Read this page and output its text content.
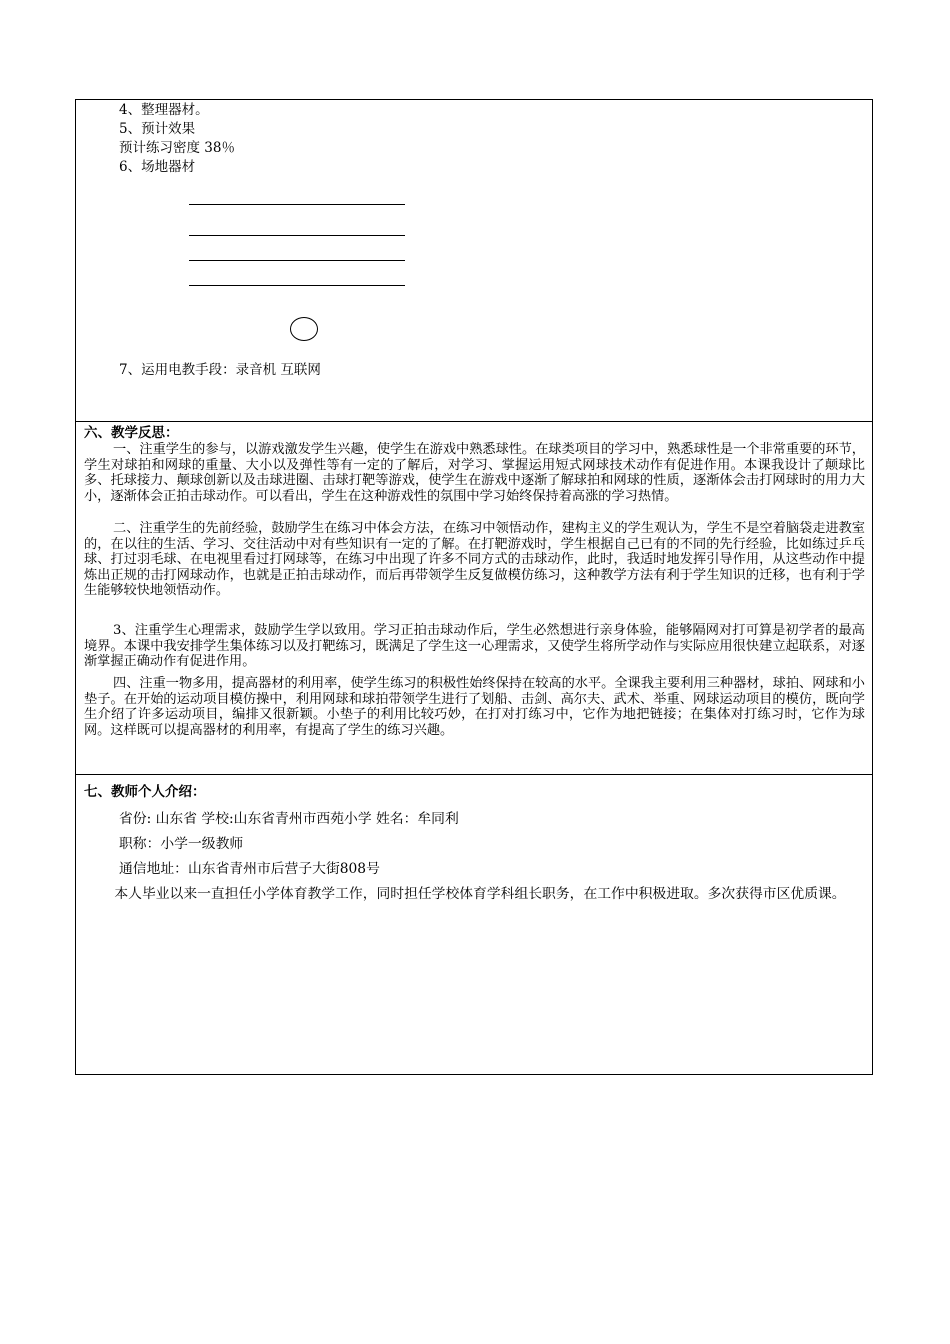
4、整理器材。
5、预计效果
预计练习密度 38％
6、场地器材
7、运用电教手段：录音机 互联网
六、教学反思：
一、注重学生的参与，以游戏激发学生兴趣，使学生在游戏中熟悉球性。在球类项目的学习中，熟悉球性是一个非常重要的环节，学生对球拍和网球的重量、大小以及弹性等有一定的了解后，对学习、掌握运用短式网球技术动作有促进作用。本课我设计了颠球比多、托球接力、颠球创新以及击球进圈、击球打靶等游戏，使学生在游戏中逐渐了解球拍和网球的性质，逐渐体会击打网球时的用力大小，逐渐体会正拍击球动作。可以看出，学生在这种游戏性的氛围中学习始终保持着高涨的学习热情。
二、注重学生的先前经验，鼓励学生在练习中体会方法，在练习中领悟动作，建构主义的学生观认为，学生不是空着脑袋走进教室的，在以往的生活、学习、交往活动中对有些知识有一定的了解。在打靶游戏时，学生根据自己已有的不同的先行经验，比如练过乒乓球、打过羽毛球、在电视里看过打网球等，在练习中出现了许多不同方式的击球动作，此时，我适时地发挥引导作用，从这些动作中提炼出正规的击打网球动作，也就是正拍击球动作，而后再带领学生反复做模仿练习，这种教学方法有利于学生知识的迁移，也有利于学生能够较快地领悟动作。
3、注重学生心理需求，鼓励学生学以致用。学习正拍击球动作后，学生必然想进行亲身体验，能够隔网对打可算是初学者的最高境界。本课中我安排学生集体练习以及打靶练习，既满足了学生这一心理需求，又使学生将所学动作与实际应用很快建立起联系，对逐渐掌握正确动作有促进作用。
四、注重一物多用，提高器材的利用率，使学生练习的积极性始终保持在较高的水平。全课我主要利用三种器材，球拍、网球和小垫子。在开始的运动项目模仿操中，利用网球和球拍带领学生进行了划船、击剑、高尔夫、武术、举重、网球运动项目的模仿，既向学生介绍了许多运动项目，编排又很新颖。小垫子的利用比较巧妙，在打对打练习中，它作为地把链接；在集体对打练习时，它作为球网。这样既可以提高器材的利用率，有提高了学生的练习兴趣。
七、教师个人介绍：
省份: 山东省 学校:山东省青州市西苑小学 姓名：牟同利
职称：小学一级教师
通信地址：山东省青州市后营子大街808号
本人毕业以来一直担任小学体育教学工作，同时担任学校体育学科组长职务，在工作中积极进取。多次获得市区优质课。
